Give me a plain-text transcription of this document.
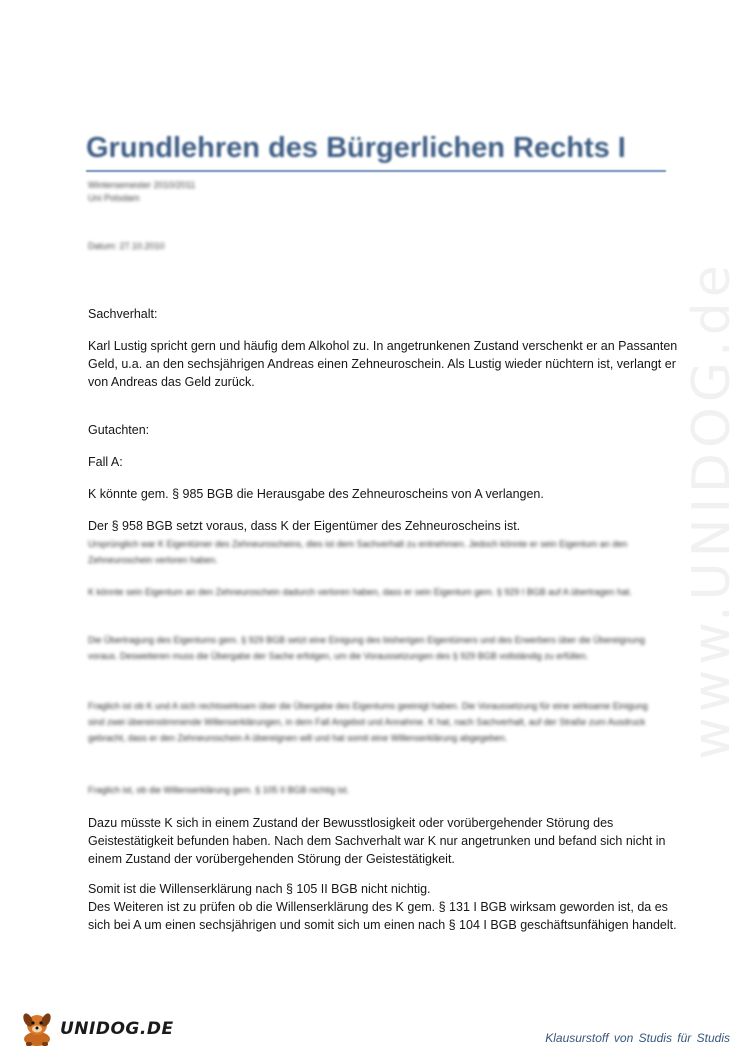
www.UNIDOG.de
Grundlehren des Bürgerlichen Rechts I
Wintersemester 2010/2011
Uni Potsdam
Datum: 27.10.2010
Sachverhalt:
Karl Lustig spricht gern und häufig dem Alkohol zu. In angetrunkenen Zustand verschenkt er an Passanten Geld, u.a. an den sechsjährigen Andreas einen Zehneuroschein. Als Lustig wieder nüchtern ist, verlangt er von Andreas das Geld zurück.
Gutachten:
Fall A:
K könnte gem. § 985 BGB die Herausgabe des Zehneuroscheins von A verlangen.
Der § 958 BGB setzt voraus, dass K der Eigentümer des Zehneuroscheins ist.
Ursprünglich war K Eigentümer des Zehneuroscheins, dies ist dem Sachverhalt zu entnehmen. Jedoch könnte er sein Eigentum an den Zehneuroschein verloren haben.
K könnte sein Eigentum an den Zehneuroschein dadurch verloren haben, dass er sein Eigentum gem. § 929 I BGB auf A übertragen hat.
Die Übertragung des Eigentums gem. § 929 BGB setzt eine Einigung des bisherigen Eigentümers und des Erwerbers über die Übereignung voraus. Desweiteren muss die Übergabe der Sache erfolgen, um die Voraussetzungen des § 929 BGB vollständig zu erfüllen.
Fraglich ist ob K und A sich rechtswirksam über die Übergabe des Eigentums geeinigt haben. Die Voraussetzung für eine wirksame Einigung sind zwei übereinstimmende Willenserklärungen, in dem Fall Angebot und Annahme. K hat, nach Sachverhalt, auf der Straße zum Ausdruck gebracht, dass er den Zehneuroschein A übereignen will und hat somit eine Willenserklärung abgegeben.
Fraglich ist, ob die Willenserklärung gem. § 105 II BGB nichtig ist.
Dazu müsste K sich in einem Zustand der Bewusstlosigkeit oder vorübergehender Störung des Geistestätigkeit befunden haben. Nach dem Sachverhalt war K nur angetrunken und befand sich nicht in einem Zustand der vorübergehenden Störung der Geistestätigkeit.
Somit ist die Willenserklärung nach § 105 II BGB nicht nichtig.
Des Weiteren ist zu prüfen ob die Willenserklärung des K gem. § 131 I BGB wirksam geworden ist, da es sich bei A um einen sechsjährigen und somit sich um einen nach § 104 I BGB geschäftsunfähigen handelt.
UNIDOG.DE	Klausurstoff von Studis für Studis
